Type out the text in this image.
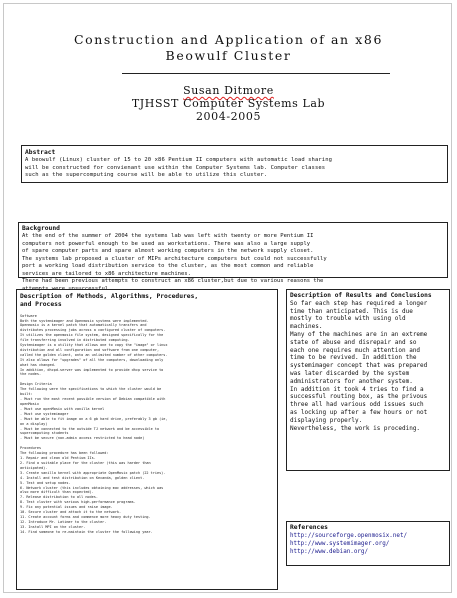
Construction and Application of an x86
Beowulf Cluster
Susan Ditmore
TJHSST Computer Systems Lab
2004-2005
Abstract
A beowulf (Linux) cluster of 15 to 20 x86 Pentium II computers with automatic load sharing
will be constructed for convienant use within the Computer Systems lab. Computer classes
such as the supercomputing course will be able to utilize this cluster.
Background
At the end of the summer of 2004 the systems lab was left with twenty or more Pentium II
computers not powerful enough to be used as workstations. There was also a large supply
of spare computer parts and spare almost working computers in the network supply closet.
The systems lab proposed a cluster of MIPs architecture computers but could not successfully
port a working load distribution service to the cluster, as the most common and reliable
services are tailored to x86 architecture machines.
There had been previous attempts to construct an x86 cluster,but due to various reasons the
attempts were unsuccessful.
Description of Methods, Algorithms, Procedures,
and Process
Software
Both the systemimager and Openmosix systems were implemented.
Openmosix is a kernel patch that automatically transfers and
distributes processing jobs across a configured cluster of computers.
It utilizes the openmosix file system, designed specifically for the
file transferring involved in distributed computing.
Systemimager is a utility that allows one to copy the "image" or linux
distribution and all configuration and software from one computer,
called the golden client, onto an unlimited number of other computers.
It also allows for "upgrades" of all the computers, downloading only
what has changed.
In addition, dhcpd-server was implemented to provide dhcp service to
the nodes.
Design Criteria
The following were the specifications to which the cluster would be
built:
- Must run the most recent possible version of Debian compatible with
openMosix
- Must use openMosix with vanilla kernel
- Must use systemimager
- Must be able to fit image on a 6 gb hard drive, preferably 3 gb (ie,
on a display)
- Must be connected to the outside TJ network and be accessible to
supercomputing students
- Must be secure (non-admin access restricted to head node)
Procedures
The following procedure has been followed:
1. Repair and clean old Pentium IIs.
2. Find a suitable place for the cluster (this was harder than
anticipated).
3. Create vanilla kernel with appropriate OpenMosix patch (22 tries).
4. Install and test distribution on Kecanda, golden client.
5. Test and setup nodes.
6. Network cluster (this includes obtaining mac addresses, which was
also more difficult than expected).
7. Release distribution to all nodes.
8. Test cluster with various high-performance programs.
9. Fix any potential issues and raise image.
10. Secure cluster and attach it to the network.
11. Create account forms and commence more heavy duty testing.
12. Introduce Mr. Latimer to the cluster.
13. Install MPI on the cluster.
14. Find someone to re-maintain the cluster the following year.
Description of Results and Conclusions
So far each step has required a longer
time than anticipated. This is due
mostly to trouble with using old
machines.
Many of the machines are in an extreme
state of abuse and disrepair and so
each one requires much attention and
time to be revived. In addition the
systemimager concept that was prepared
was later discarded by the system
administrators for another system.
In addition it took 4 tries to find a
successful routing box, as the privous
three all had various odd issues such
as locking up after a few hours or not
displaying properly.
Nevertheless, the work is proceding.
References
http://sourceforge.openmosix.net/
http://www.systemimager.org/
http://www.debian.org/
